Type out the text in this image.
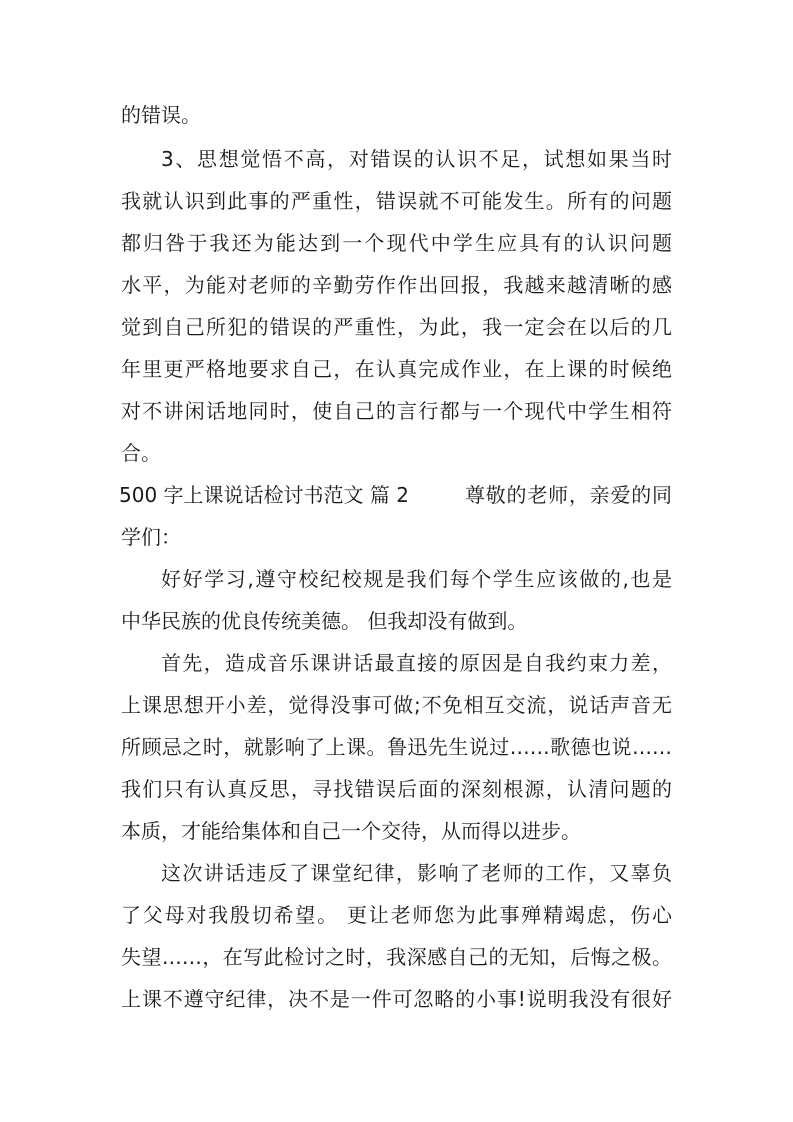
的错误。
3、思想觉悟不高，对错误的认识不足，试想如果当时
我就认识到此事的严重性，错误就不可能发生。所有的问题
都归咎于我还为能达到一个现代中学生应具有的认识问题
水平，为能对老师的辛勤劳作作出回报，我越来越清晰的感
觉到自己所犯的错误的严重性，为此，我一定会在以后的几
年里更严格地要求自己，在认真完成作业，在上课的时候绝
对不讲闲话地同时，使自己的言行都与一个现代中学生相符
合。
500 字上课说话检讨书范文 篇 2	尊敬的老师，亲爱的同
学们：
好好学习,遵守校纪校规是我们每个学生应该做的,也是
中华民族的优良传统美德。 但我却没有做到。
首先，造成音乐课讲话最直接的原因是自我约束力差，
上课思想开小差，觉得没事可做;不免相互交流，说话声音无
所顾忌之时，就影响了上课。鲁迅先生说过……歌德也说……
我们只有认真反思，寻找错误后面的深刻根源，认清问题的
本质，才能给集体和自己一个交待，从而得以进步。
这次讲话违反了课堂纪律，影响了老师的工作，又辜负
了父母对我殷切希望。 更让老师您为此事殚精竭虑，伤心
失望……，在写此检讨之时，我深感自己的无知，后悔之极。
上课不遵守纪律，决不是一件可忽略的小事!说明我没有很好
